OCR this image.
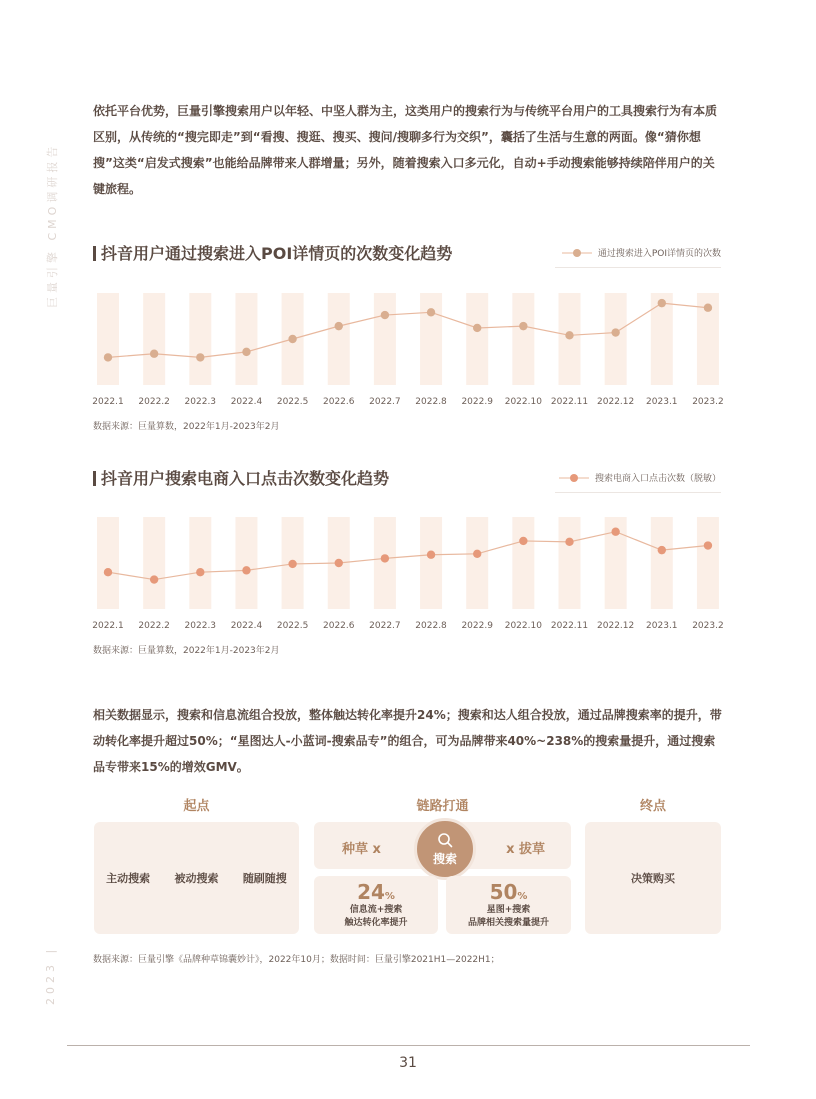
巨量引擎 CMO调研报告
2023 |

依托平台优势，巨量引擎搜索用户以年轻、中坚人群为主，这类用户的搜索行为与传统平台用户的工具搜索行为有本质区别，从传统的“搜完即走”到“看搜、搜逛、搜买、搜问/搜聊多行为交织”，囊括了生活与生意的两面。像“猜你想搜”这类“启发式搜索”也能给品牌带来人群增量；另外，随着搜索入口多元化，自动+手动搜索能够持续陪伴用户的关键旅程。

抖音用户通过搜索进入POI详情页的次数变化趋势	通过搜索进入POI详情页的次数
2022.1 2022.2 2022.3 2022.4 2022.5 2022.6 2022.7 2022.8 2022.9 2022.10 2022.11 2022.12 2023.1 2023.2

数据来源：巨量算数，2022年1月-2023年2月

抖音用户搜索电商入口点击次数变化趋势	搜索电商入口点击次数（脱敏）
2022.1 2022.2 2022.3 2022.4 2022.5 2022.6 2022.7 2022.8 2022.9 2022.10 2022.11 2022.12 2023.1 2023.2

数据来源：巨量算数，2022年1月-2023年2月

相关数据显示，搜索和信息流组合投放，整体触达转化率提升24%；搜索和达人组合投放，通过品牌搜索率的提升，带动转化率提升超过50%；“星图达人-小蓝词-搜索品专”的组合，可为品牌带来40%~238%的搜索量提升，通过搜索品专带来15%的增效GMV。

起点	链路打通	终点
主动搜索 被动搜索 随刷随搜
种草 x	x 拔草
搜索
24%
信息流+搜索
触达转化率提升
50%
星图+搜索
品牌相关搜索量提升
决策购买

数据来源：巨量引擎《品牌种草锦囊妙计》，2022年10月；数据时间：巨量引擎2021H1—2022H1；

31
